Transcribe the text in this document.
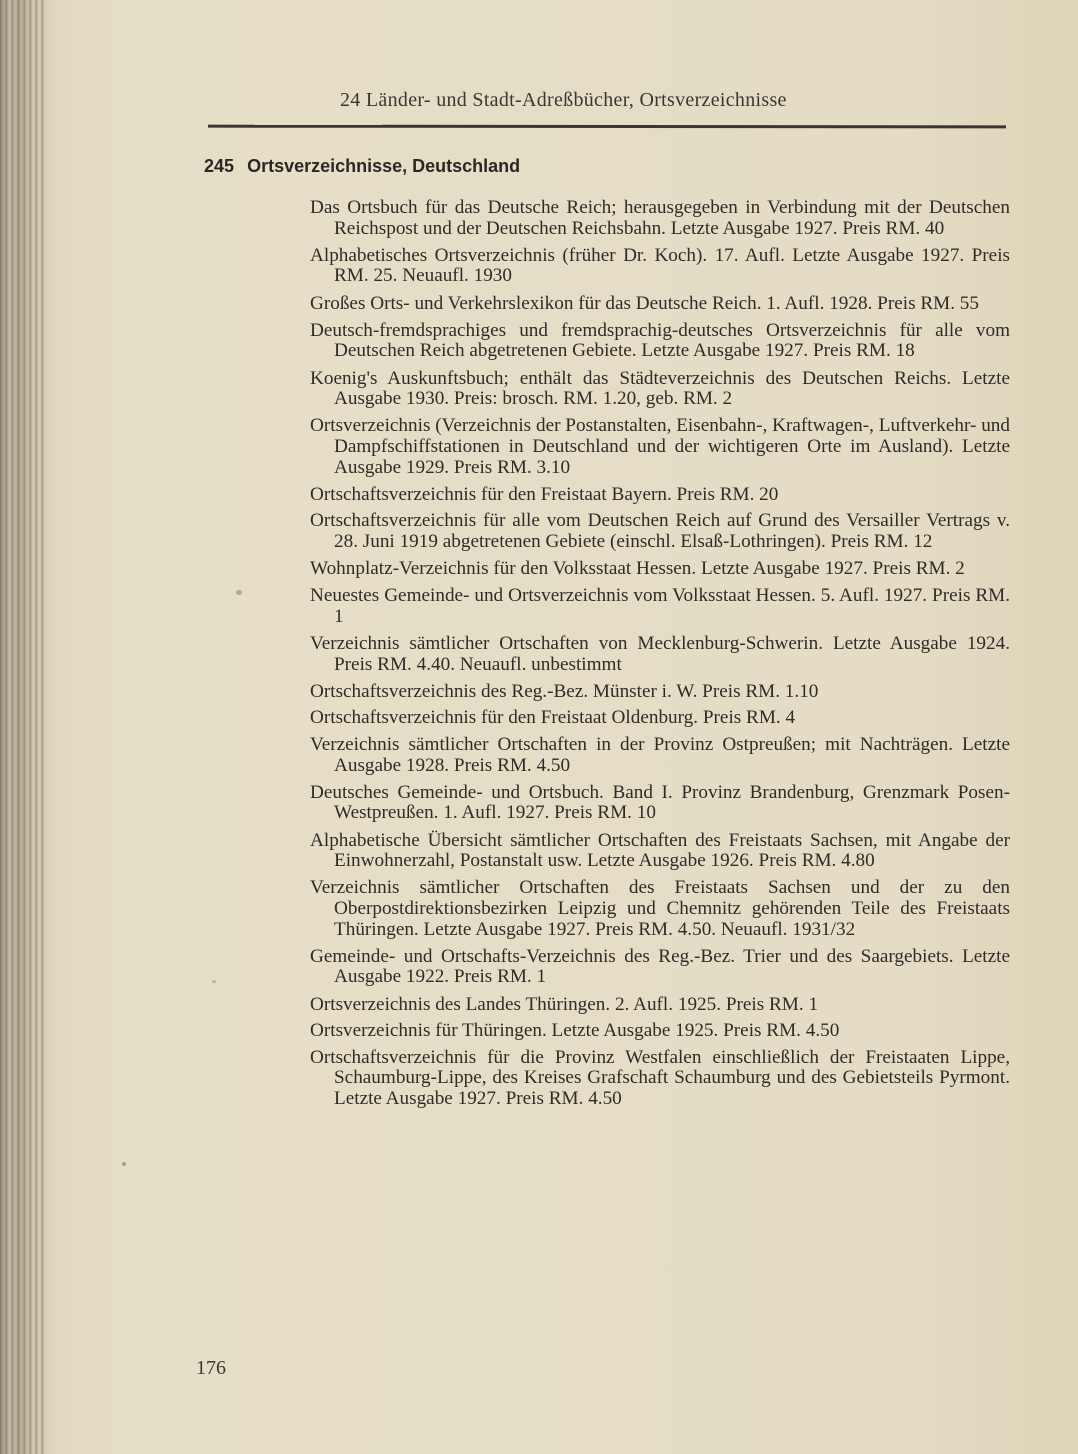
24 Länder- und Stadt-Adreßbücher, Ortsverzeichnisse
245 Ortsverzeichnisse, Deutschland
Das Ortsbuch für das Deutsche Reich; herausgegeben in Verbindung mit der Deutschen Reichspost und der Deutschen Reichsbahn. Letzte Ausgabe 1927. Preis RM. 40
Alphabetisches Ortsverzeichnis (früher Dr. Koch). 17. Aufl. Letzte Ausgabe 1927. Preis RM. 25. Neuaufl. 1930
Großes Orts- und Verkehrslexikon für das Deutsche Reich. 1. Aufl. 1928. Preis RM. 55
Deutsch-fremdsprachiges und fremdsprachig-deutsches Ortsverzeichnis für alle vom Deutschen Reich abgetretenen Gebiete. Letzte Ausgabe 1927. Preis RM. 18
Koenig's Auskunftsbuch; enthält das Städteverzeichnis des Deutschen Reichs. Letzte Ausgabe 1930. Preis: brosch. RM. 1.20, geb. RM. 2
Ortsverzeichnis (Verzeichnis der Postanstalten, Eisenbahn-, Kraftwagen-, Luftverkehr- und Dampfschiffstationen in Deutschland und der wichtigeren Orte im Ausland). Letzte Ausgabe 1929. Preis RM. 3.10
Ortschaftsverzeichnis für den Freistaat Bayern. Preis RM. 20
Ortschaftsverzeichnis für alle vom Deutschen Reich auf Grund des Versailler Vertrags v. 28. Juni 1919 abgetretenen Gebiete (einschl. Elsaß-Lothringen). Preis RM. 12
Wohnplatz-Verzeichnis für den Volksstaat Hessen. Letzte Ausgabe 1927. Preis RM. 2
Neuestes Gemeinde- und Ortsverzeichnis vom Volksstaat Hessen. 5. Aufl. 1927. Preis RM. 1
Verzeichnis sämtlicher Ortschaften von Mecklenburg-Schwerin. Letzte Ausgabe 1924. Preis RM. 4.40. Neuaufl. unbestimmt
Ortschaftsverzeichnis des Reg.-Bez. Münster i. W. Preis RM. 1.10
Ortschaftsverzeichnis für den Freistaat Oldenburg. Preis RM. 4
Verzeichnis sämtlicher Ortschaften in der Provinz Ostpreußen; mit Nachträgen. Letzte Ausgabe 1928. Preis RM. 4.50
Deutsches Gemeinde- und Ortsbuch. Band I. Provinz Brandenburg, Grenzmark Posen-Westpreußen. 1. Aufl. 1927. Preis RM. 10
Alphabetische Übersicht sämtlicher Ortschaften des Freistaats Sachsen, mit Angabe der Einwohnerzahl, Postanstalt usw. Letzte Ausgabe 1926. Preis RM. 4.80
Verzeichnis sämtlicher Ortschaften des Freistaats Sachsen und der zu den Oberpostdirektionsbezirken Leipzig und Chemnitz gehörenden Teile des Freistaats Thüringen. Letzte Ausgabe 1927. Preis RM. 4.50. Neuaufl. 1931/32
Gemeinde- und Ortschafts-Verzeichnis des Reg.-Bez. Trier und des Saargebiets. Letzte Ausgabe 1922. Preis RM. 1
Ortsverzeichnis des Landes Thüringen. 2. Aufl. 1925. Preis RM. 1
Ortsverzeichnis für Thüringen. Letzte Ausgabe 1925. Preis RM. 4.50
Ortschaftsverzeichnis für die Provinz Westfalen einschließlich der Freistaaten Lippe, Schaumburg-Lippe, des Kreises Grafschaft Schaumburg und des Gebietsteils Pyrmont. Letzte Ausgabe 1927. Preis RM. 4.50
176
